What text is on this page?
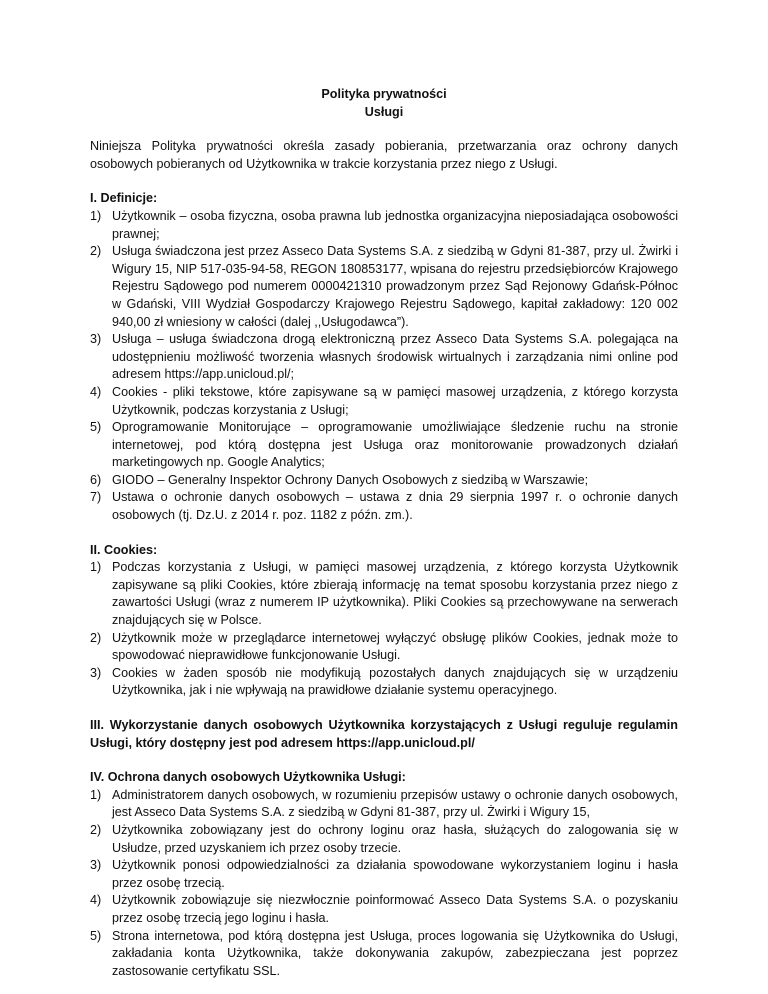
Polityka prywatności

Usługi

Niniejsza Polityka prywatności określa zasady pobierania, przetwarzania oraz ochrony danych osobowych pobieranych od Użytkownika w trakcie korzystania przez niego z Usługi.

I. Definicje:

1) Użytkownik – osoba fizyczna, osoba prawna lub jednostka organizacyjna nieposiadająca osobowości prawnej;
2) Usługa świadczona jest przez Asseco Data Systems S.A. z siedzibą w Gdyni 81-387, przy ul. Żwirki i Wigury 15, NIP 517-035-94-58, REGON 180853177, wpisana do rejestru przedsiębiorców Krajowego Rejestru Sądowego pod numerem 0000421310 prowadzonym przez Sąd Rejonowy Gdańsk-Północ w Gdański, VIII Wydział Gospodarczy Krajowego Rejestru Sądowego, kapitał zakładowy: 120 002 940,00 zł wniesiony w całości (dalej ,,Usługodawca”).
3) Usługa – usługa świadczona drogą elektroniczną przez Asseco Data Systems S.A. polegająca na udostępnieniu możliwość tworzenia własnych środowisk wirtualnych i zarządzania nimi online pod adresem https://app.unicloud.pl/;
4) Cookies - pliki tekstowe, które zapisywane są w pamięci masowej urządzenia, z którego korzysta Użytkownik, podczas korzystania z Usługi;
5) Oprogramowanie Monitorujące – oprogramowanie umożliwiające śledzenie ruchu na stronie internetowej, pod którą dostępna jest Usługa oraz monitorowanie prowadzonych działań marketingowych np. Google Analytics;
6) GIODO – Generalny Inspektor Ochrony Danych Osobowych z siedzibą w Warszawie;
7) Ustawa o ochronie danych osobowych – ustawa z dnia 29 sierpnia 1997 r. o ochronie danych osobowych (tj. Dz.U. z 2014 r. poz. 1182 z późn. zm.).

II. Cookies:

1) Podczas korzystania z Usługi, w pamięci masowej urządzenia, z którego korzysta Użytkownik zapisywane są pliki Cookies, które zbierają informację na temat sposobu korzystania przez niego z zawartości Usługi (wraz z numerem IP użytkownika). Pliki Cookies są przechowywane na serwerach znajdujących się w Polsce.
2) Użytkownik może w przeglądarce internetowej wyłączyć obsługę plików Cookies, jednak może to spowodować nieprawidłowe funkcjonowanie Usługi.
3) Cookies w żaden sposób nie modyfikują pozostałych danych znajdujących się w urządzeniu Użytkownika, jak i nie wpływają na prawidłowe działanie systemu operacyjnego.

III. Wykorzystanie danych osobowych Użytkownika korzystających z Usługi reguluje regulamin Usługi, który dostępny jest pod adresem https://app.unicloud.pl/

IV. Ochrona danych osobowych Użytkownika Usługi:

1) Administratorem danych osobowych, w rozumieniu przepisów ustawy o ochronie danych osobowych, jest Asseco Data Systems S.A. z siedzibą w Gdyni 81-387, przy ul. Żwirki i Wigury 15,
2) Użytkownika zobowiązany jest do ochrony loginu oraz hasła, służących do zalogowania się w Usłudze, przed uzyskaniem ich przez osoby trzecie.
3) Użytkownik ponosi odpowiedzialności za działania spowodowane wykorzystaniem loginu i hasła przez osobę trzecią.
4) Użytkownik zobowiązuje się niezwłocznie poinformować Asseco Data Systems S.A. o pozyskaniu przez osobę trzecią jego loginu i hasła.
5) Strona internetowa, pod którą dostępna jest Usługa, proces logowania się Użytkownika do Usługi, zakładania konta Użytkownika, także dokonywania zakupów, zabezpieczana jest poprzez zastosowanie certyfikatu SSL.
